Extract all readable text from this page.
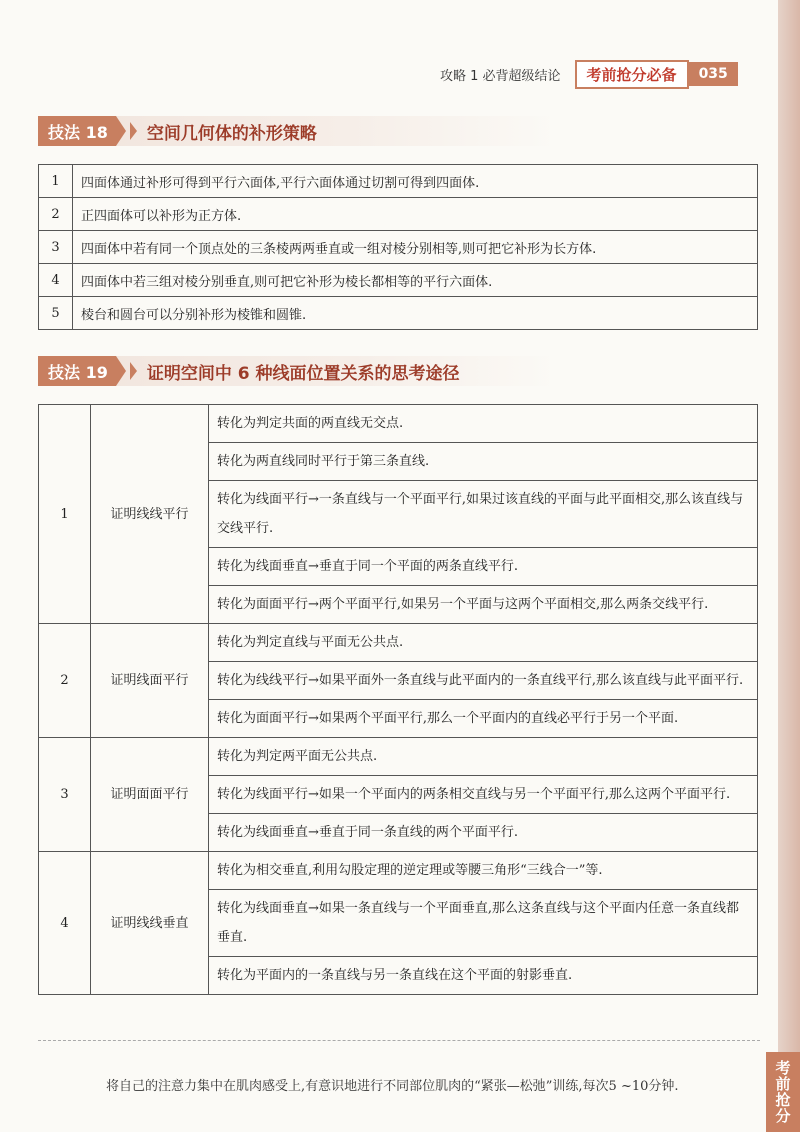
考前抢分
攻略 1 必背超级结论	考前抢分必备	035
技法 18	空间几何体的补形策略
1	四面体通过补形可得到平行六面体,平行六面体通过切割可得到四面体.
2	正四面体可以补形为正方体.
3	四面体中若有同一个顶点处的三条棱两两垂直或一组对棱分别相等,则可把它补形为长方体.
4	四面体中若三组对棱分别垂直,则可把它补形为棱长都相等的平行六面体.
5	棱台和圆台可以分别补形为棱锥和圆锥.
技法 19	证明空间中 6 种线面位置关系的思考途径
1	证明线线平行	转化为判定共面的两直线无交点.
		转化为两直线同时平行于第三条直线.
		转化为线面平行→一条直线与一个平面平行,如果过该直线的平面与此平面相交,那么该直线与交线平行.
		转化为线面垂直→垂直于同一个平面的两条直线平行.
		转化为面面平行→两个平面平行,如果另一个平面与这两个平面相交,那么两条交线平行.
2	证明线面平行	转化为判定直线与平面无公共点.
		转化为线线平行→如果平面外一条直线与此平面内的一条直线平行,那么该直线与此平面平行.
		转化为面面平行→如果两个平面平行,那么一个平面内的直线必平行于另一个平面.
3	证明面面平行	转化为判定两平面无公共点.
		转化为线面平行→如果一个平面内的两条相交直线与另一个平面平行,那么这两个平面平行.
		转化为线面垂直→垂直于同一条直线的两个平面平行.
4	证明线线垂直	转化为相交垂直,利用勾股定理的逆定理或等腰三角形“三线合一”等.
		转化为线面垂直→如果一条直线与一个平面垂直,那么这条直线与这个平面内任意一条直线都垂直.
		转化为平面内的一条直线与另一条直线在这个平面的射影垂直.
将自己的注意力集中在肌肉感受上,有意识地进行不同部位肌肉的“紧张—松弛”训练,每次5 ~10分钟.
